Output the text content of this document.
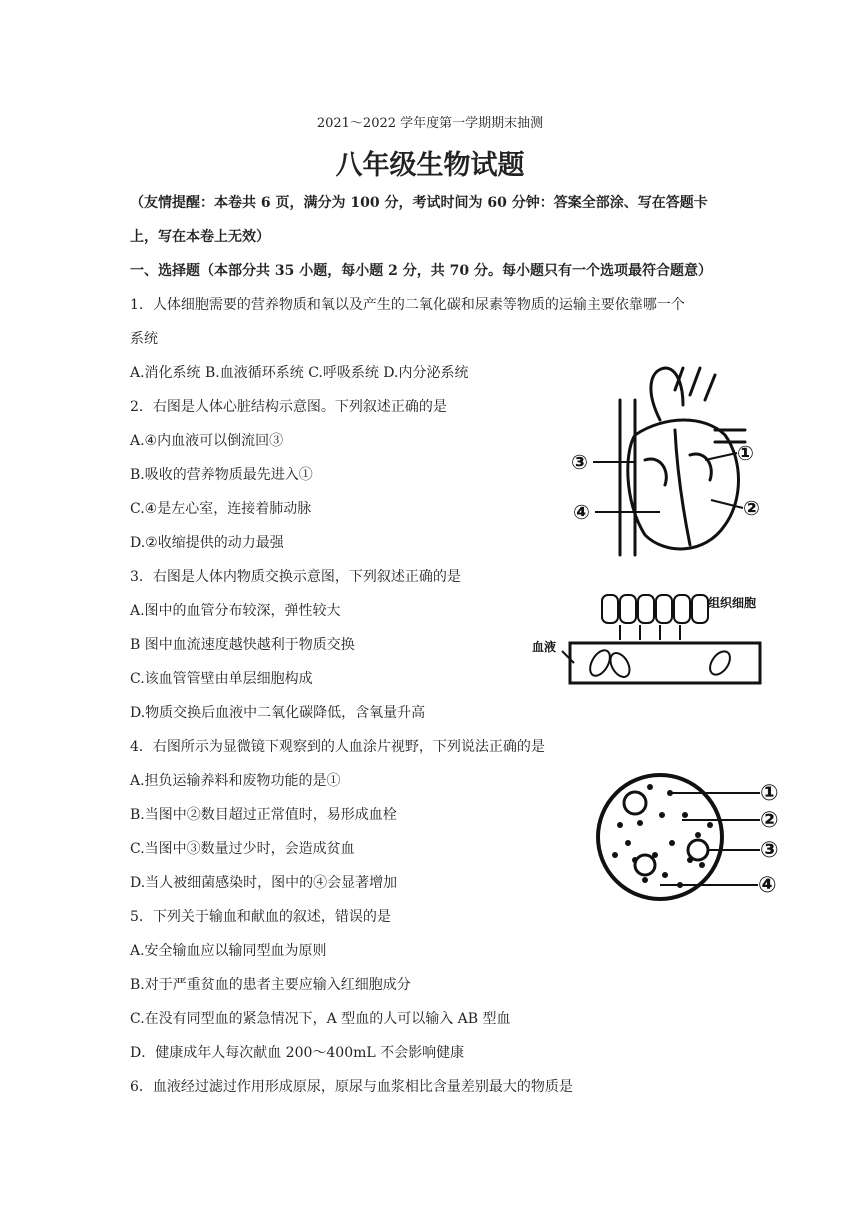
2021～2022 学年度第一学期期末抽测
八年级生物试题
（友情提醒：本卷共 6 页，满分为 100 分，考试时间为 60 分钟：答案全部涂、写在答题卡
上，写在本卷上无效）
一、选择题（本部分共 35 小题，每小题 2 分，共 70 分。每小题只有一个选项最符合题意）
1．人体细胞需要的营养物质和氧以及产生的二氧化碳和尿素等物质的运输主要依靠哪一个
系统
A.消化系统 B.血液循环系统 C.呼吸系统 D.内分泌系统
2．右图是人体心脏结构示意图。下列叙述正确的是
A.④内血液可以倒流回③
B.吸收的营养物质最先进入①
C.④是左心室，连接着肺动脉
D.②收缩提供的动力最强
3．右图是人体内物质交换示意图，下列叙述正确的是
A.图中的血管分布较深，弹性较大
B 图中血流速度越快越利于物质交换
C.该血管管壁由单层细胞构成
D.物质交换后血液中二氧化碳降低，含氧量升高
4．右图所示为显微镜下观察到的人血涂片视野，下列说法正确的是
A.担负运输养料和废物功能的是①
B.当图中②数目超过正常值时，易形成血栓
C.当图中③数量过少时，会造成贫血
D.当人被细菌感染时，图中的④会显著增加
5．下列关于输血和献血的叙述，错误的是
A.安全输血应以输同型血为原则
B.对于严重贫血的患者主要应输入红细胞成分
C.在没有同型血的紧急情况下，A 型血的人可以输入 AB 型血
D．健康成年人每次献血 200～400mL 不会影响健康
6．血液经过滤过作用形成原尿，原尿与血浆相比含量差别最大的物质是
①
②
③
④
组织细胞
血液
①
②
③
④
